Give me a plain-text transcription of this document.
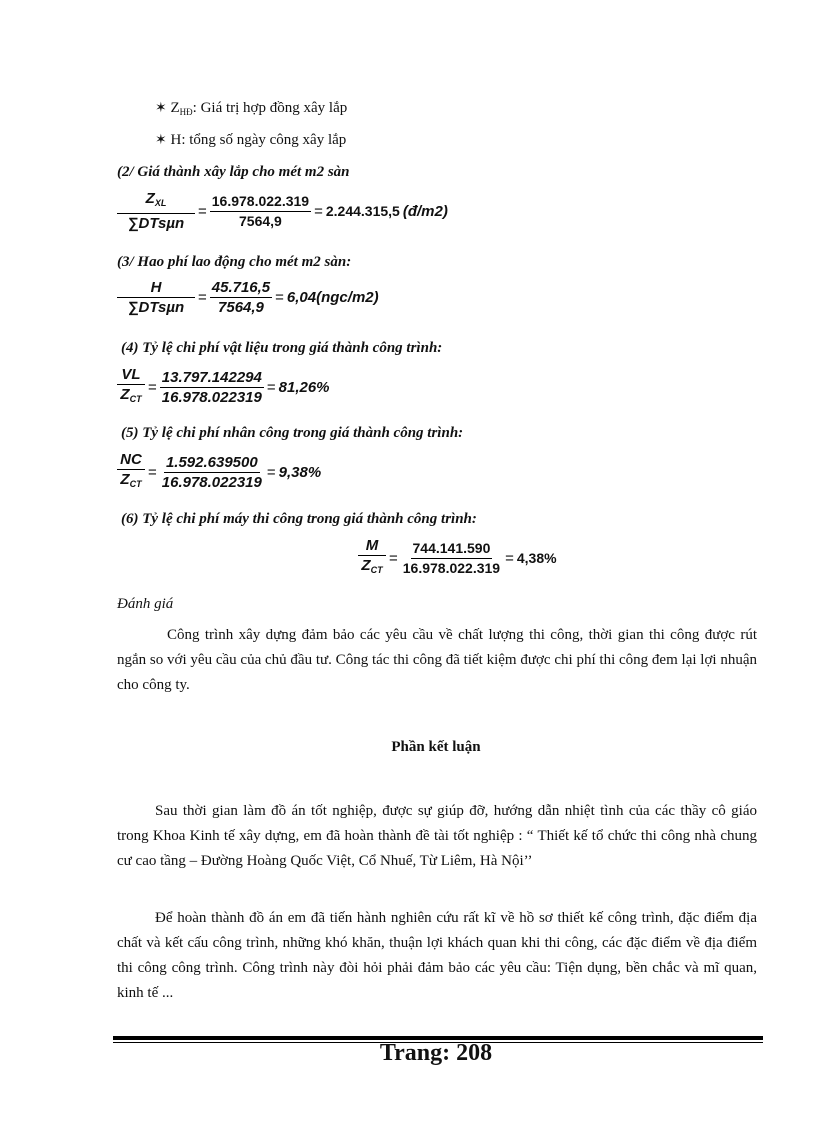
✶ $Z_{HĐ}$: Giá trị hợp đồng xây lắp
✶ H: tổng số ngày công xây lắp
(2/ Giá thành xây lắp cho mét m2 sàn
$\frac{Z_{XL}}{\text{∑DTsµn}} = \frac{16.978.022.319}{7564,9} = 2.244.315,5$ (đ/m2)
(3/ Hao phí lao động cho mét m2 sàn:
$\frac{H}{\text{∑DTsµn}} = \frac{45.716,5}{7564,9} = 6,04(ngc/m2)$
(4) Tỷ lệ chi phí vật liệu trong giá thành công trình:
$\frac{VL}{Z_{CT}} = \frac{13.797.142294}{16.978.022319} = 81,26\%$
(5) Tỷ lệ chi phí nhân công trong giá thành công trình:
$\frac{NC}{Z_{CT}} = \frac{1.592.639500}{16.978.022319} = 9,38\%$
(6) Tỷ lệ chi phí máy thi công trong giá thành công trình:
$\frac{M}{Z_{CT}} = \frac{744.141.590}{16.978.022.319} = 4,38\%$
Đánh giá
Công trình xây dựng đảm bảo các yêu cầu về chất lượng thi công, thời gian thi công được rút ngắn so với yêu cầu của chủ đầu tư. Công tác thi công đã tiết kiệm được chi phí thi công đem lại lợi nhuận cho công ty.
Phần kết luận
Sau thời gian làm đồ án tốt nghiệp, được sự giúp đỡ, hướng dẫn nhiệt tình của các thầy cô giáo trong Khoa Kinh tế xây dựng, em đã hoàn thành đề tài tốt nghiệp : “ Thiết kế tổ chức thi công nhà chung cư cao tầng – Đường Hoàng Quốc Việt, Cổ Nhuế, Từ Liêm, Hà Nội’’
Để hoàn thành đồ án em đã tiến hành nghiên cứu rất kĩ về hồ sơ thiết kế công trình, đặc điểm địa chất và kết cấu công trình, những khó khăn, thuận lợi khách quan khi thi công, các đặc điểm về địa điểm thi công công trình. Công trình này đòi hỏi phải đảm bảo các yêu cầu: Tiện dụng, bền chắc và mĩ quan, kinh tế ...
Trang: 208
